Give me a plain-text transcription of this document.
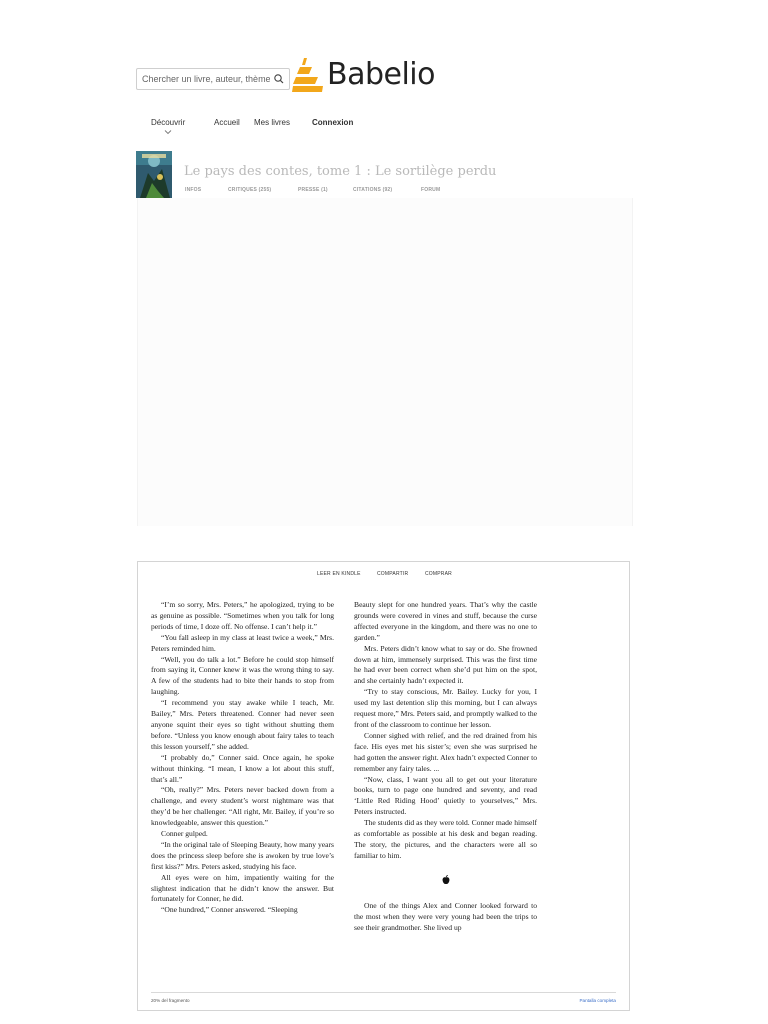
Chercher un livre, auteur, thème
Babelio
Découvrir	Accueil Mes livres	Connexion
Le pays des contes, tome 1 : Le sortilège perdu
INFOS	CRITIQUES (255)	PRESSE (1)	CITATIONS (92)	FORUM
LEER EN KINDLE	COMPARTIR	COMPRAR

“I’m so sorry, Mrs. Peters,” he apologized, trying to be as genuine as possible. “Sometimes when you talk for long periods of time, I doze off. No offense. I can’t help it.”

“You fall asleep in my class at least twice a week,” Mrs. Peters reminded him.

“Well, you do talk a lot.” Before he could stop himself from saying it, Conner knew it was the wrong thing to say. A few of the students had to bite their hands to stop from laughing.

“I recommend you stay awake while I teach, Mr. Bailey,” Mrs. Peters threatened. Conner had never seen anyone squint their eyes so tight without shutting them before. “Unless you know enough about fairy tales to teach this lesson yourself,” she added.

“I probably do,” Conner said. Once again, he spoke without thinking. “I mean, I know a lot about this stuff, that’s all.”

“Oh, really?” Mrs. Peters never backed down from a challenge, and every student’s worst nightmare was that they’d be her challenger. “All right, Mr. Bailey, if you’re so knowledgeable, answer this question.”

Conner gulped.

“In the original tale of Sleeping Beauty, how many years does the princess sleep before she is awoken by true love’s first kiss?” Mrs. Peters asked, studying his face.

All eyes were on him, impatiently waiting for the slightest indication that he didn’t know the answer. But fortunately for Conner, he did.

“One hundred,” Conner answered. “Sleeping

Beauty slept for one hundred years. That’s why the castle grounds were covered in vines and stuff, because the curse affected everyone in the kingdom, and there was no one to garden.”

Mrs. Peters didn’t know what to say or do. She frowned down at him, immensely surprised. This was the first time he had ever been correct when she’d put him on the spot, and she certainly hadn’t expected it.

“Try to stay conscious, Mr. Bailey. Lucky for you, I used my last detention slip this morning, but I can always request more,” Mrs. Peters said, and promptly walked to the front of the classroom to continue her lesson.

Conner sighed with relief, and the red drained from his face. His eyes met his sister’s; even she was surprised he had gotten the answer right. Alex hadn’t expected Conner to remember any fairy tales. ...

“Now, class, I want you all to get out your literature books, turn to page one hundred and seventy, and read ‘Little Red Riding Hood’ quietly to yourselves,” Mrs. Peters instructed.

The students did as they were told. Conner made himself as comfortable as possible at his desk and began reading. The story, the pictures, and the characters were all so familiar to him.

One of the things Alex and Conner looked forward to the most when they were very young had been the trips to see their grandmother. She lived up

20% del fragmento	Pantalla completa
